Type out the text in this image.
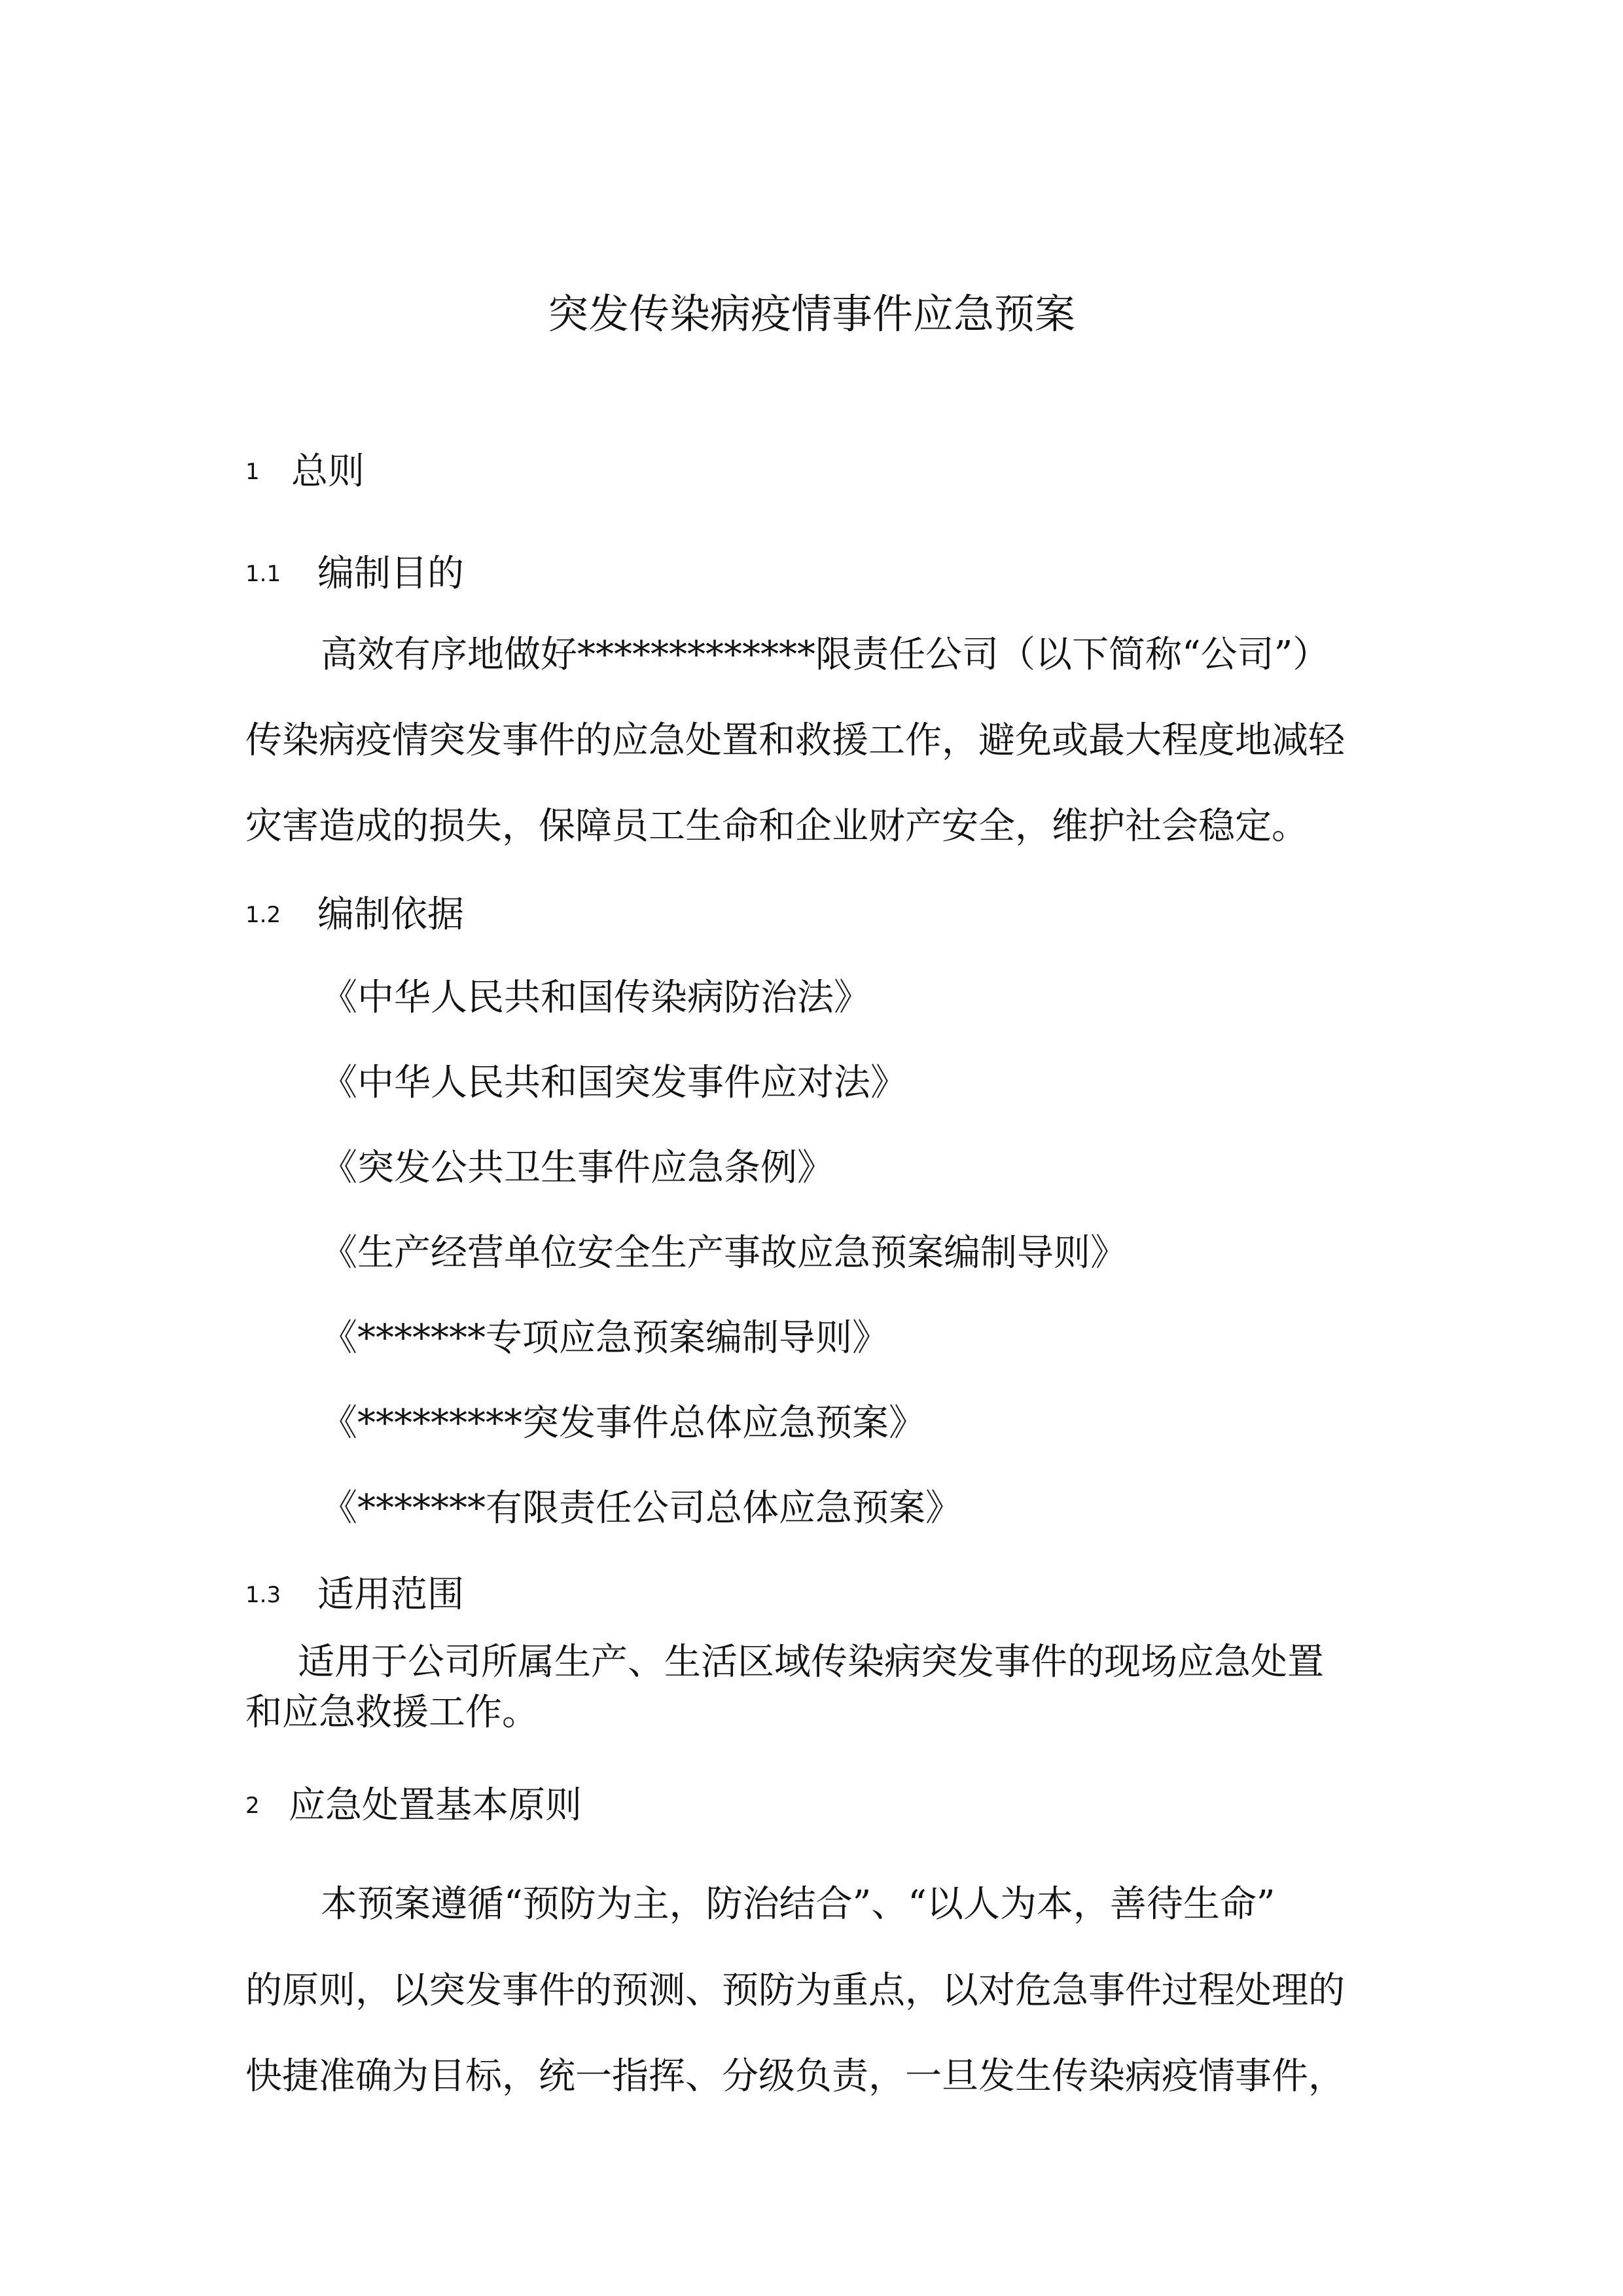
突发传染病疫情事件应急预案
1 总则
1.1 编制目的
高效有序地做好*************限责任公司（以下简称“公司”）
传染病疫情突发事件的应急处置和救援工作，避免或最大程度地减轻
灾害造成的损失，保障员工生命和企业财产安全，维护社会稳定。
1.2 编制依据
《中华人民共和国传染病防治法》
《中华人民共和国突发事件应对法》
《突发公共卫生事件应急条例》
《生产经营单位安全生产事故应急预案编制导则》
《*******专项应急预案编制导则》
《*********突发事件总体应急预案》
《*******有限责任公司总体应急预案》
1.3 适用范围
适用于公司所属生产、生活区域传染病突发事件的现场应急处置
和应急救援工作。
2 应急处置基本原则
本预案遵循“预防为主，防治结合”、“以人为本，善待生命”
的原则，以突发事件的预测、预防为重点，以对危急事件过程处理的
快捷准确为目标，统一指挥、分级负责，一旦发生传染病疫情事件，
